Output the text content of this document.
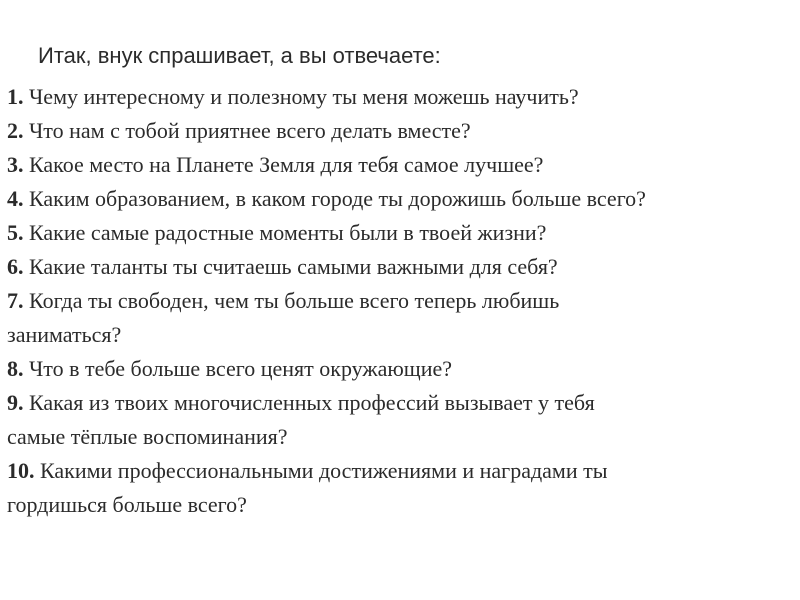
Итак, внук спрашивает, а вы отвечаете:
1. Чему интересному и полезному ты меня можешь научить?
2. Что нам с тобой приятнее всего делать вместе?
3. Какое место на Планете Земля для тебя самое лучшее?
4. Каким образованием, в каком городе ты дорожишь больше всего?
5. Какие самые радостные моменты были в твоей жизни?
6. Какие таланты ты считаешь самыми важными для себя?
7. Когда ты свободен, чем ты больше всего теперь любишь
заниматься?
8. Что в тебе больше всего ценят окружающие?
9. Какая из твоих многочисленных профессий вызывает у тебя
самые тёплые воспоминания?
10. Какими профессиональными достижениями и наградами ты
гордишься больше всего?
